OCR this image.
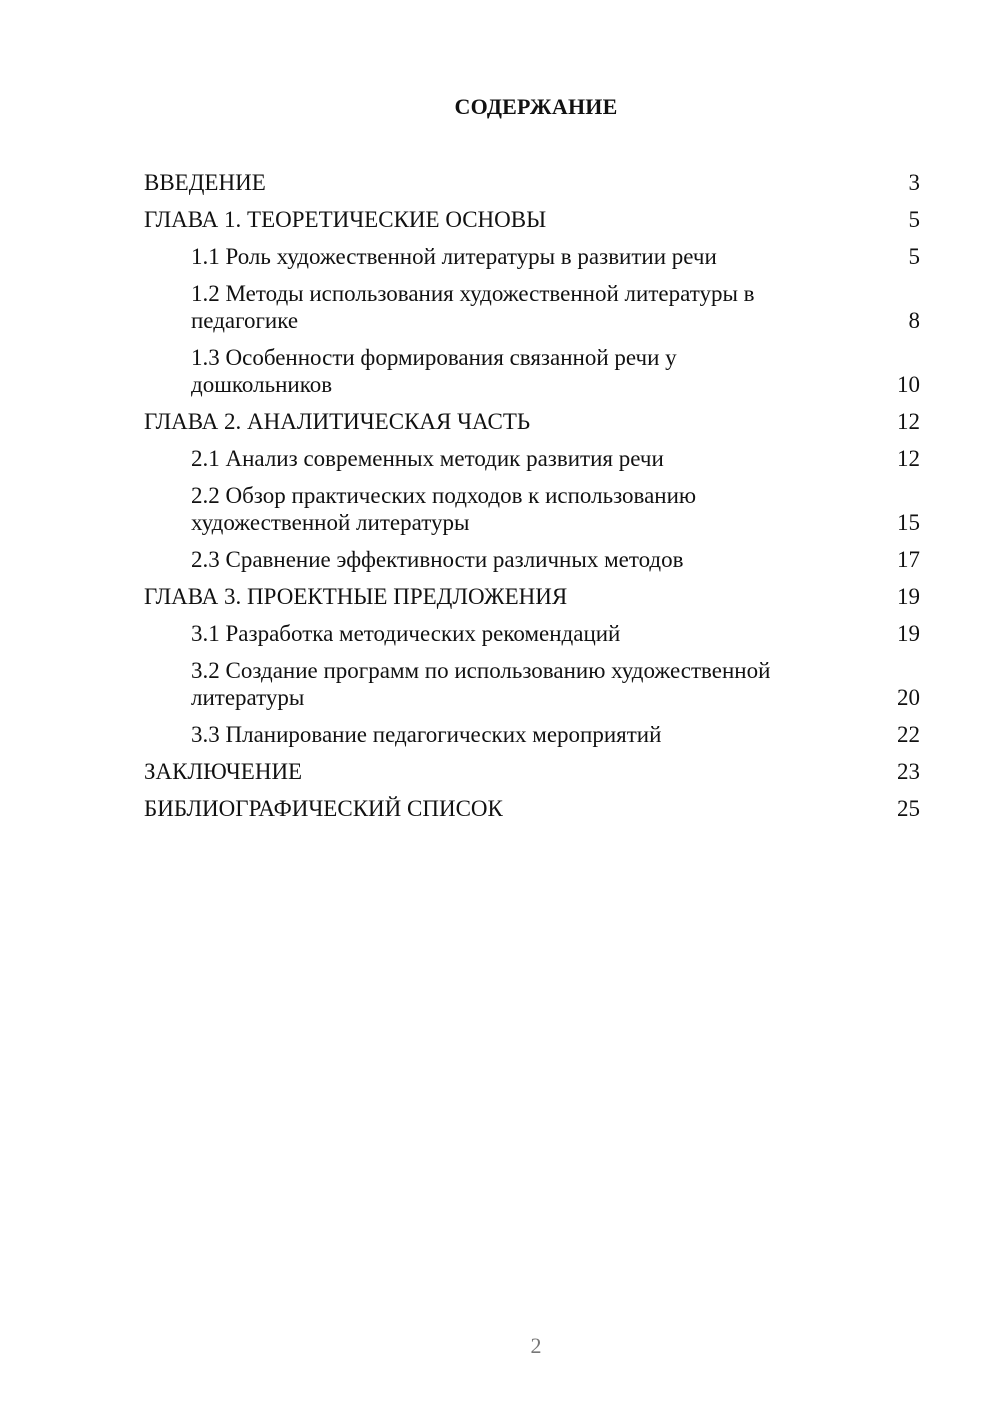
СОДЕРЖАНИЕ
ВВЕДЕНИЕ	3
ГЛАВА 1. ТЕОРЕТИЧЕСКИЕ ОСНОВЫ	5
1.1 Роль художественной литературы в развитии речи	5
1.2 Методы использования художественной литературы в педагогике	8
1.3 Особенности формирования связанной речи у дошкольников	10
ГЛАВА 2. АНАЛИТИЧЕСКАЯ ЧАСТЬ	12
2.1 Анализ современных методик развития речи	12
2.2 Обзор практических подходов к использованию художественной литературы	15
2.3 Сравнение эффективности различных методов	17
ГЛАВА 3. ПРОЕКТНЫЕ ПРЕДЛОЖЕНИЯ	19
3.1 Разработка методических рекомендаций	19
3.2 Создание программ по использованию художественной литературы	20
3.3 Планирование педагогических мероприятий	22
ЗАКЛЮЧЕНИЕ	23
БИБЛИОГРАФИЧЕСКИЙ СПИСОК	25
2
